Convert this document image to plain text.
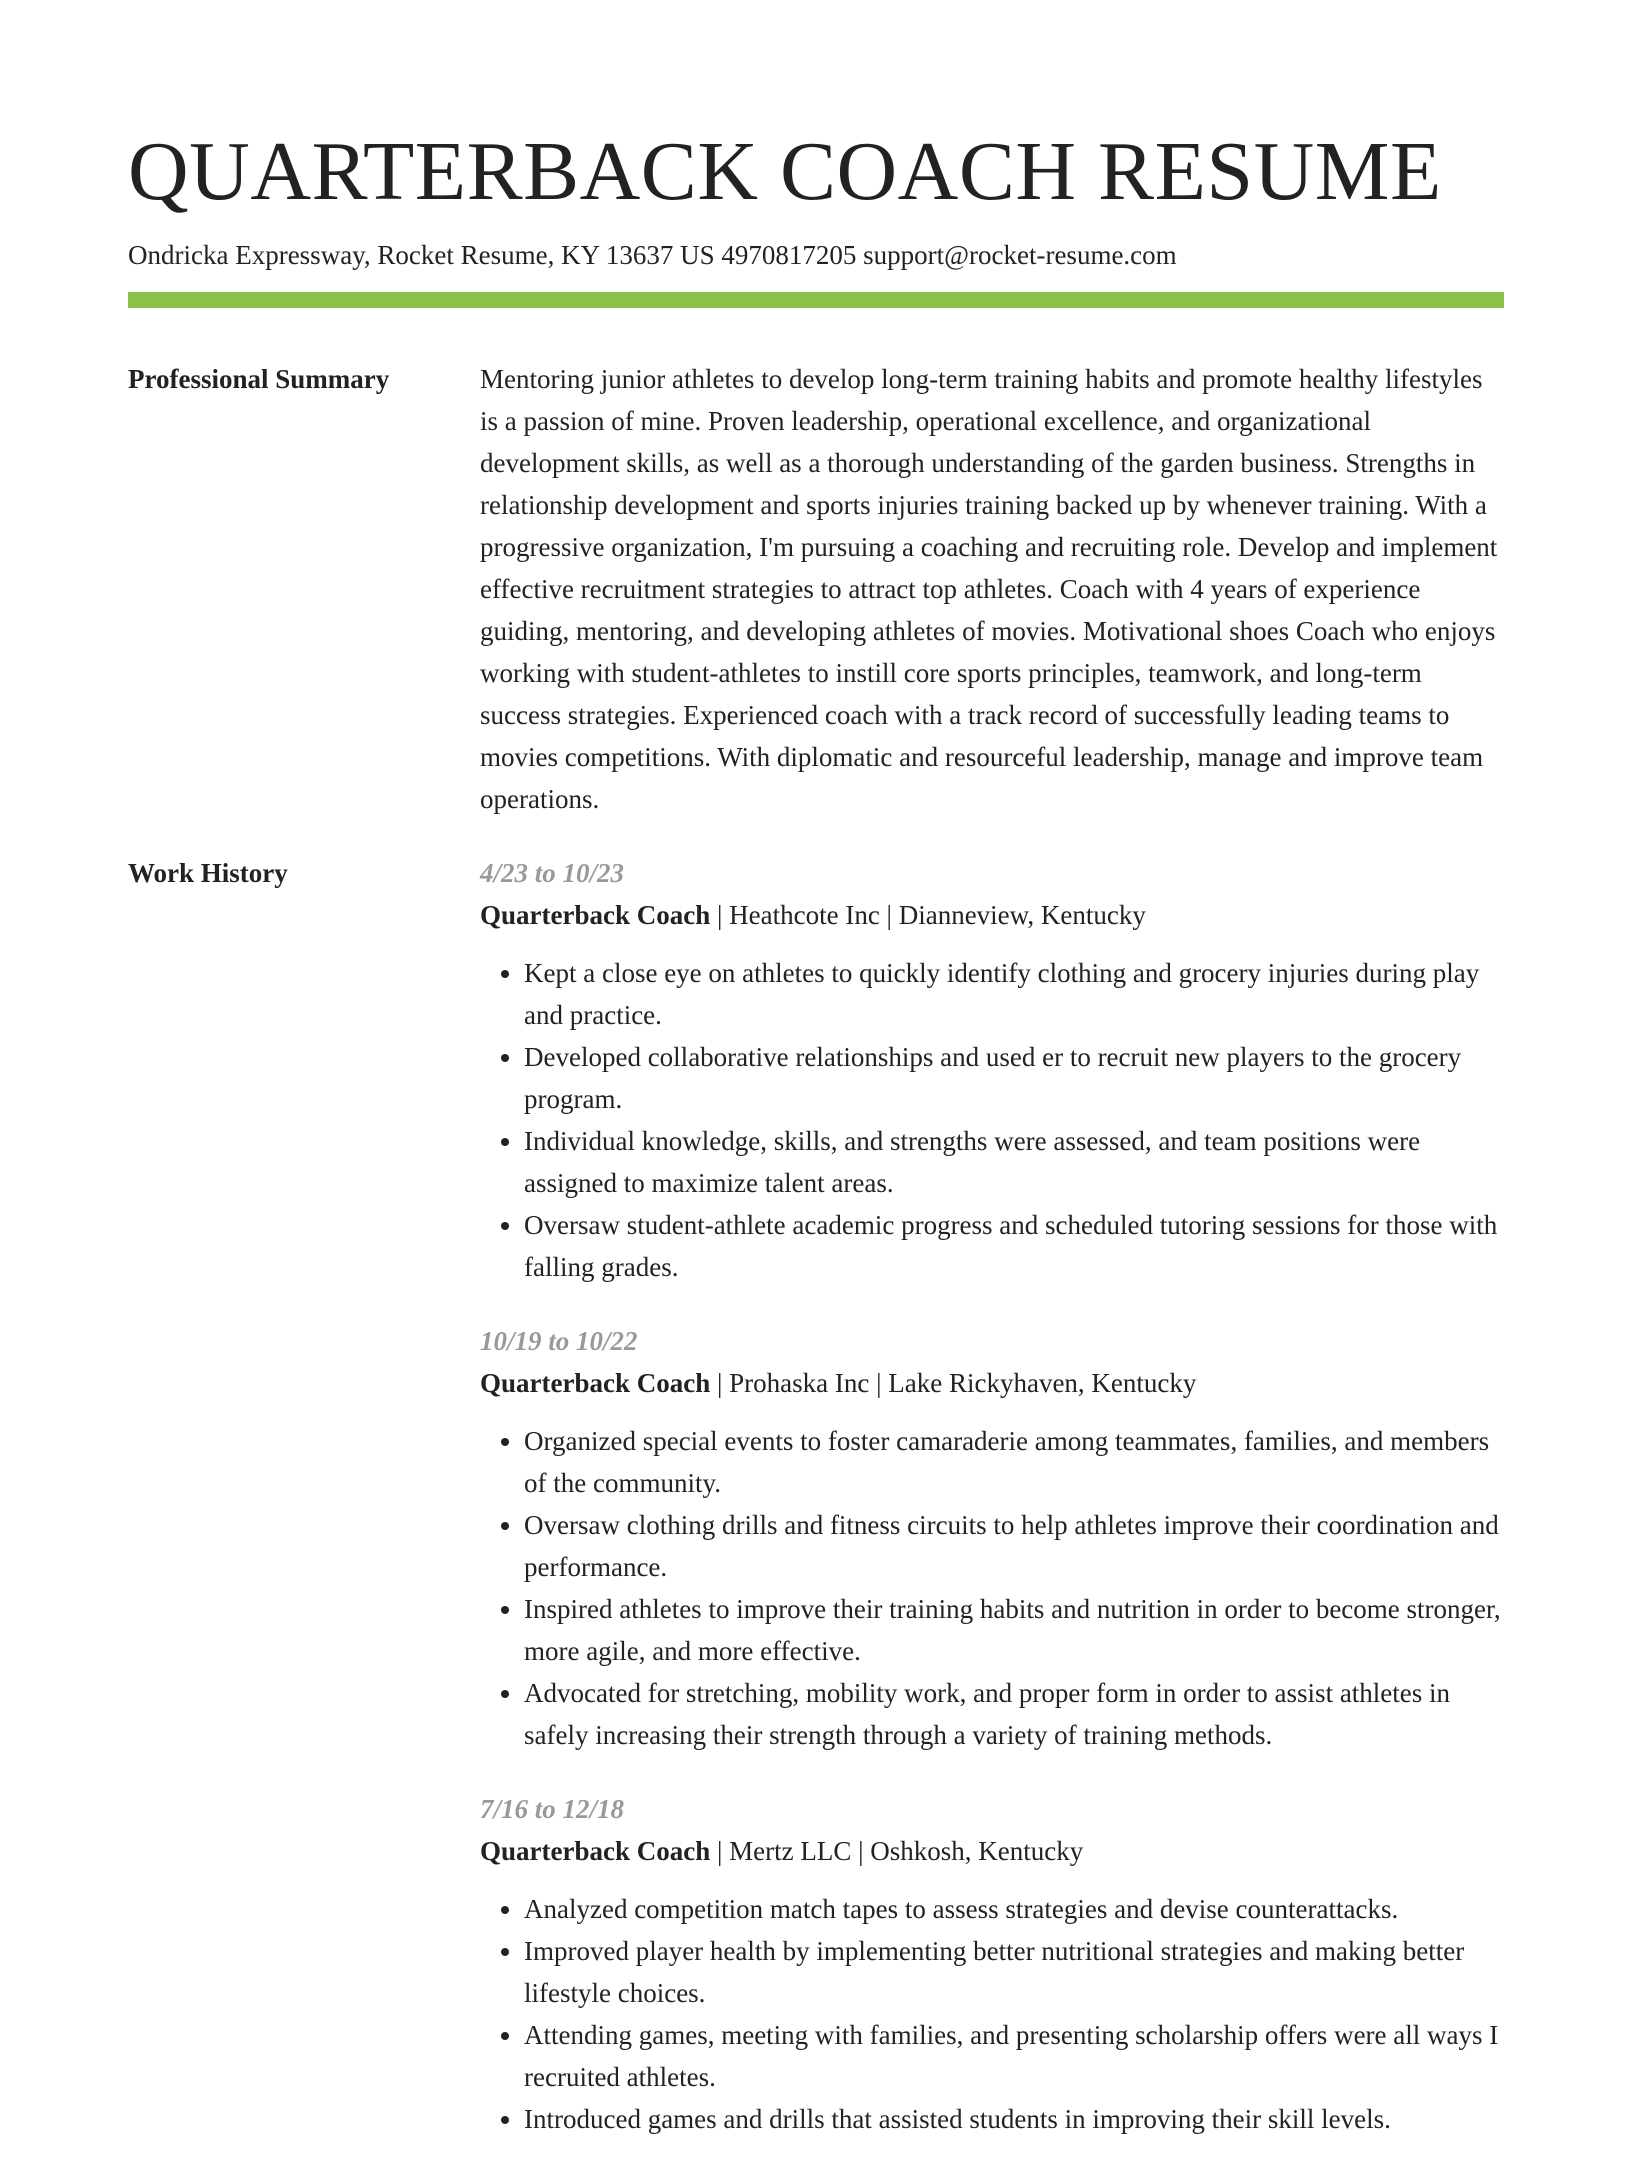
QUARTERBACK COACH RESUME
Ondricka Expressway, Rocket Resume, KY 13637 US 4970817205 support@rocket-resume.com
Professional Summary	Mentoring junior athletes to develop long-term training habits and promote healthy lifestyles is a passion of mine. Proven leadership, operational excellence, and organizational development skills, as well as a thorough understanding of the garden business. Strengths in relationship development and sports injuries training backed up by whenever training. With a progressive organization, I'm pursuing a coaching and recruiting role. Develop and implement effective recruitment strategies to attract top athletes. Coach with 4 years of experience guiding, mentoring, and developing athletes of movies. Motivational shoes Coach who enjoys working with student-athletes to instill core sports principles, teamwork, and long-term success strategies. Experienced coach with a track record of successfully leading teams to movies competitions. With diplomatic and resourceful leadership, manage and improve team operations.

Work History	4/23 to 10/23
Quarterback Coach | Heathcote Inc | Dianneview, Kentucky
• Kept a close eye on athletes to quickly identify clothing and grocery injuries during play and practice.
• Developed collaborative relationships and used er to recruit new players to the grocery program.
• Individual knowledge, skills, and strengths were assessed, and team positions were assigned to maximize talent areas.
• Oversaw student-athlete academic progress and scheduled tutoring sessions for those with falling grades.
10/19 to 10/22
Quarterback Coach | Prohaska Inc | Lake Rickyhaven, Kentucky
• Organized special events to foster camaraderie among teammates, families, and members of the community.
• Oversaw clothing drills and fitness circuits to help athletes improve their coordination and performance.
• Inspired athletes to improve their training habits and nutrition in order to become stronger, more agile, and more effective.
• Advocated for stretching, mobility work, and proper form in order to assist athletes in safely increasing their strength through a variety of training methods.
7/16 to 12/18
Quarterback Coach | Mertz LLC | Oshkosh, Kentucky
• Analyzed competition match tapes to assess strategies and devise counterattacks.
• Improved player health by implementing better nutritional strategies and making better lifestyle choices.
• Attending games, meeting with families, and presenting scholarship offers were all ways I recruited athletes.
• Introduced games and drills that assisted students in improving their skill levels.
